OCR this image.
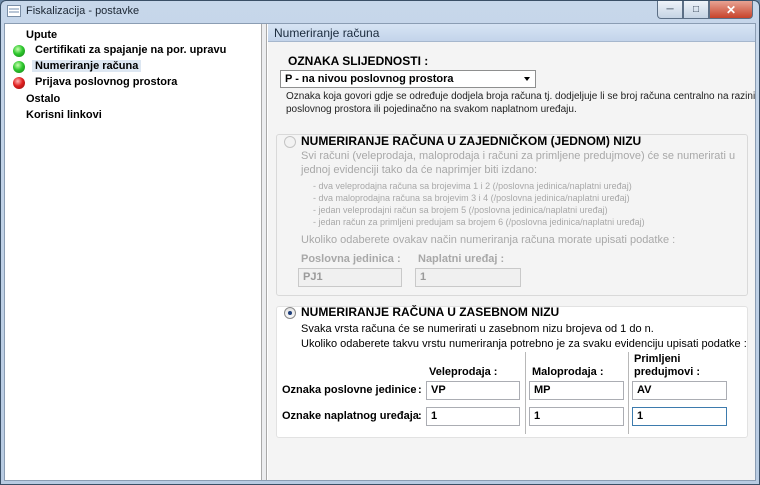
Fiskalizacija - postavke	─ □ ✕
Upute
Certifikati za spajanje na por. upravu
Numeriranje računa
Prijava poslovnog prostora
Ostalo
Korisni linkovi
Numeriranje računa
OZNAKA SLIJEDNOSTI :
P - na nivou poslovnog prostora
Oznaka koja govori gdje se određuje dodjela broja računa tj. dodjeljuje li se broj računa centralno na razini
poslovnog prostora ili pojedinačno na svakom naplatnom uređaju.
NUMERIRANJE RAČUNA U ZAJEDNIČKOM (JEDNOM) NIZU
Svi računi (veleprodaja, maloprodaja i računi za primljene predujmove) će se numerirati u
jednoj evidenciji tako da će naprimjer biti izdano:
- dva veleprodajna računa sa brojevima 1 i 2 (/poslovna jedinica/naplatni uređaj)
- dva maloprodajna računa sa brojevim 3 i 4 (/poslovna jedinica/naplatni uređaj)
- jedan veleprodajni račun sa brojem 5 (/poslovna jedinica/naplatni uređaj)
- jedan račun za primljeni predujam sa brojem 6 (/poslovna jedinica/naplatni uređaj)
Ukoliko odaberete ovakav način numeriranja računa morate upisati podatke :
Poslovna jedinica : Naplatni uređaj :
PJ1	1
NUMERIRANJE RAČUNA U ZASEBNOM NIZU
Svaka vrsta računa će se numerirati u zasebnom nizu brojeva od 1 do n.
Ukoliko odaberete takvu vrstu numeriranja potrebno je za svaku evidenciju upisati podatke :
Veleprodaja :	Maloprodaja :
Primljeni
predujmovi :
Oznaka poslovne jedinice : VP	MP	AV
Oznake naplatnog uređaja : 1	1	1
